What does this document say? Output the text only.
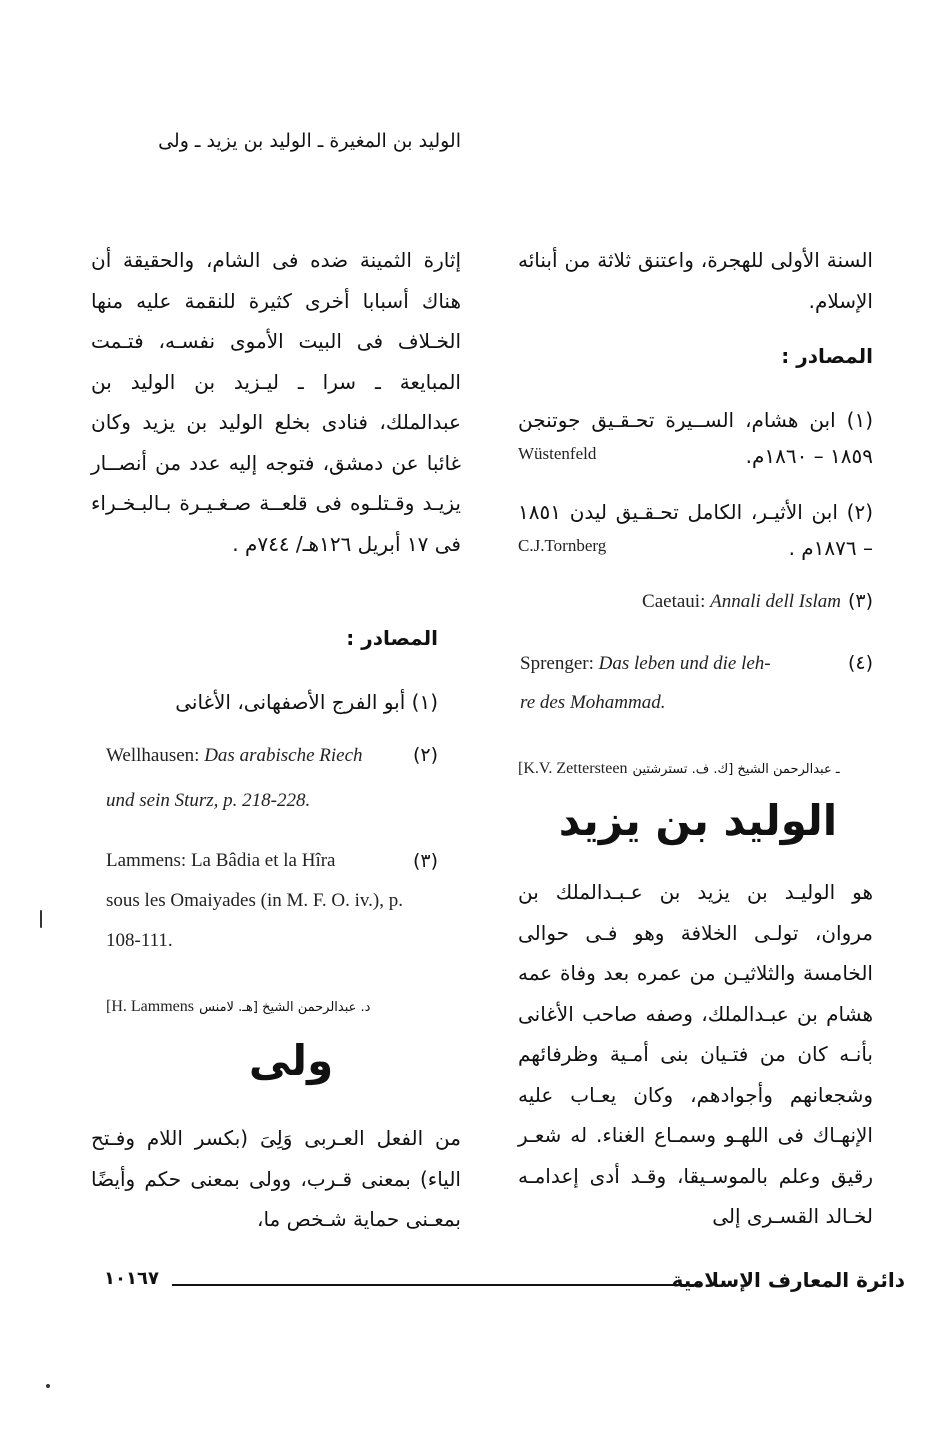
الوليد بن المغيرة ـ الوليد بن يزيد ـ ولى

السنة الأولى للهجرة، واعتنق ثلاثة من أبنائه الإسلام.

المصادر :
(١) ابن هشام، الســيرة تحـقـيق جوتنجن ١٨٥٩ – ١٨٦٠م.
Wüstenfeld
(٢) ابن الأثيـر، الكامل تحـقـيق ليدن ١٨٥١ – ١٨٧٦م .
C.J.Tornberg
Caetaui: Annali dell Islam (٣)
Sprenger: Das leben und die leh-	(٤)
re des Mohammad.
[K.V. Zettersteen ـ عبدالرحمن الشيخ [ك. ف. تسترشتين
الوليد بن يزيد

هو الوليـد بن يزيد بن عـبـدالملك بن مروان، تولـى الخلافة وهو فـى حوالى الخامسة والثلاثيـن من عمره بعد وفاة عمه هشام بن عبـدالملك، وصفه صاحب الأغانى بأنـه كان من فتـيان بنى أمـية وظرفائهم وشجعانهم وأجوادهم، وكان يعـاب عليه الإنهـاك فى اللهـو وسمـاع الغناء. له شعـر رقيق وعلم بالموسـيقا، وقـد أدى إعدامـه لخـالد القسـرى إلى

إثارة الثمينة ضده فى الشام، والحقيقة أن هناك أسبابا أخرى كثيرة للنقمة عليه منها الخـلاف فى البيت الأموى نفسـه، فتـمت المبايعة ـ سرا ـ ليـزيد بن الوليد بن عبدالملك، فنادى بخلع الوليد بن يزيد وكان غائبا عن دمشق، فتوجه إليه عدد من أنصــار يزيـد وقـتلـوه فى قلعــة صـغـيـرة بـالبـخـراء فى ١٧ أبريل ١٢٦هـ/ ٧٤٤م .

المصادر :
(١) أبو الفرج الأصفهانى، الأغانى
Wellhausen: Das arabische Riech	(٢)
und sein Sturz, p. 218-228.
Lammens: La Bâdia et la Hîra	(٣)
sous les Omaiyades (in M. F. O. iv.), p.
108-111.
[H. Lammens د. عبدالرحمن الشيخ [هـ. لامنس
ولى

من الفعل العـربى وَلِىَ (بكسر اللام وفـتح الياء) بمعنى قـرب، وولى بمعنى حكم وأيضًا بمعـنى حماية شـخص ما،

دائرة المعارف الإسلامية
١٠١٦٧
